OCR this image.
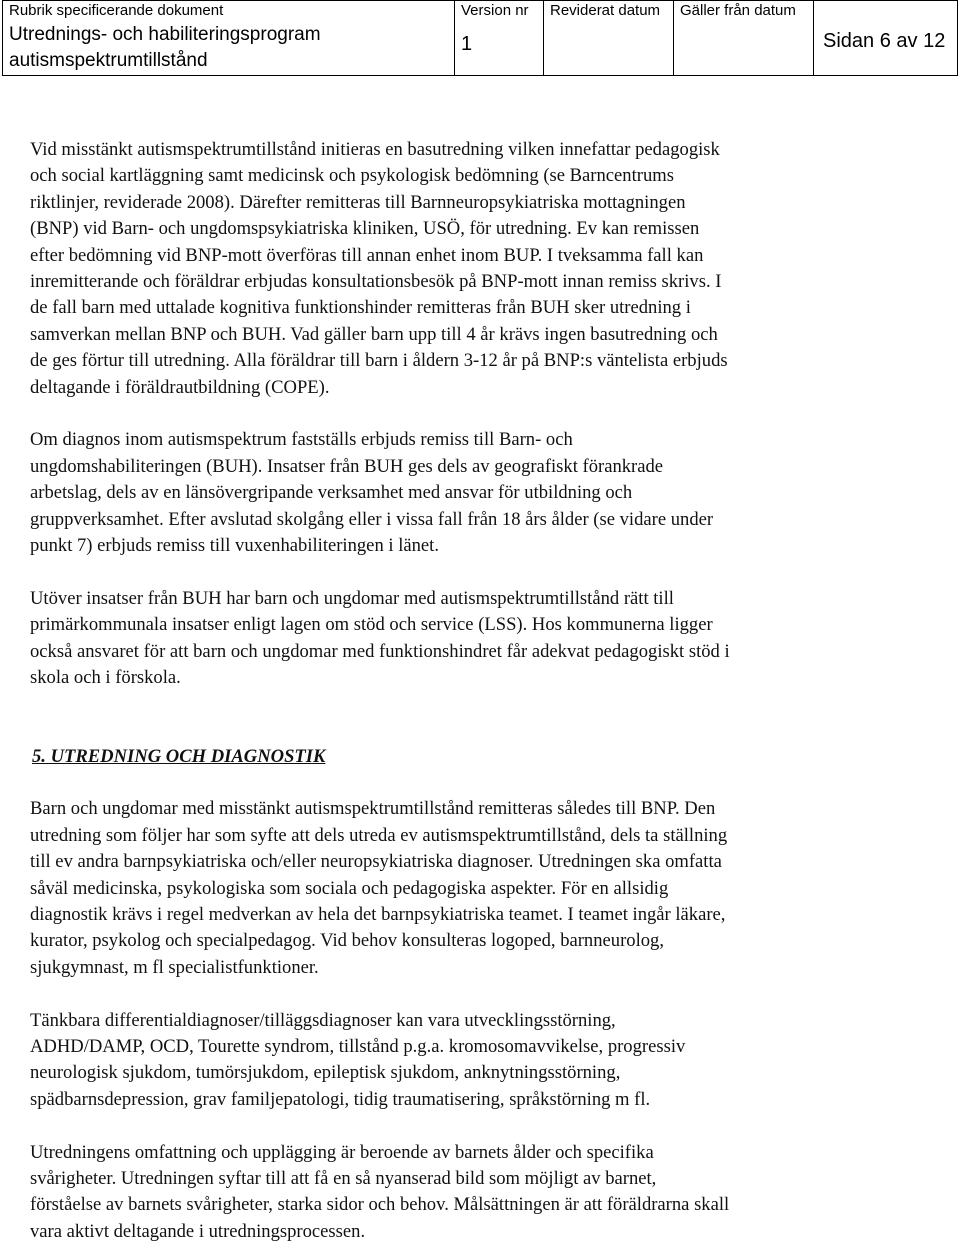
Rubrik specificerande dokument
Utrednings- och habiliteringsprogram
autismspektrumtillstånd
Version nr
1
Reviderat datum	Gäller från datum
Sidan 6 av 12

Vid misstänkt autismspektrumtillstånd initieras en basutredning vilken innefattar pedagogisk
och social kartläggning samt medicinsk och psykologisk bedömning (se Barncentrums
riktlinjer, reviderade 2008). Därefter remitteras till Barnneuropsykiatriska mottagningen
(BNP) vid Barn- och ungdomspsykiatriska kliniken, USÖ, för utredning. Ev kan remissen
efter bedömning vid BNP-mott överföras till annan enhet inom BUP. I tveksamma fall kan
inremitterande och föräldrar erbjudas konsultationsbesök på BNP-mott innan remiss skrivs. I
de fall barn med uttalade kognitiva funktionshinder remitteras från BUH sker utredning i
samverkan mellan BNP och BUH. Vad gäller barn upp till 4 år krävs ingen basutredning och
de ges förtur till utredning. Alla föräldrar till barn i åldern 3-12 år på BNP:s väntelista erbjuds
deltagande i föräldrautbildning (COPE).

Om diagnos inom autismspektrum fastställs erbjuds remiss till Barn- och
ungdomshabiliteringen (BUH). Insatser från BUH ges dels av geografiskt förankrade
arbetslag, dels av en länsövergripande verksamhet med ansvar för utbildning och
gruppverksamhet. Efter avslutad skolgång eller i vissa fall från 18 års ålder (se vidare under
punkt 7) erbjuds remiss till vuxenhabiliteringen i länet.

Utöver insatser från BUH har barn och ungdomar med autismspektrumtillstånd rätt till
primärkommunala insatser enligt lagen om stöd och service (LSS). Hos kommunerna ligger
också ansvaret för att barn och ungdomar med funktionshindret får adekvat pedagogiskt stöd i
skola och i förskola.

5. UTREDNING OCH DIAGNOSTIK

Barn och ungdomar med misstänkt autismspektrumtillstånd remitteras således till BNP. Den
utredning som följer har som syfte att dels utreda ev autismspektrumtillstånd, dels ta ställning
till ev andra barnpsykiatriska och/eller neuropsykiatriska diagnoser. Utredningen ska omfatta
såväl medicinska, psykologiska som sociala och pedagogiska aspekter. För en allsidig
diagnostik krävs i regel medverkan av hela det barnpsykiatriska teamet. I teamet ingår läkare,
kurator, psykolog och specialpedagog. Vid behov konsulteras logoped, barnneurolog,
sjukgymnast, m fl specialistfunktioner.

Tänkbara differentialdiagnoser/tilläggsdiagnoser kan vara utvecklingsstörning,
ADHD/DAMP, OCD, Tourette syndrom, tillstånd p.g.a. kromosomavvikelse, progressiv
neurologisk sjukdom, tumörsjukdom, epileptisk sjukdom, anknytningsstörning,
spädbarnsdepression, grav familjepatologi, tidig traumatisering, språkstörning m fl.

Utredningens omfattning och upplägging är beroende av barnets ålder och specifika
svårigheter. Utredningen syftar till att få en så nyanserad bild som möjligt av barnet,
förståelse av barnets svårigheter, starka sidor och behov. Målsättningen är att föräldrarna skall
vara aktivt deltagande i utredningsprocessen.
